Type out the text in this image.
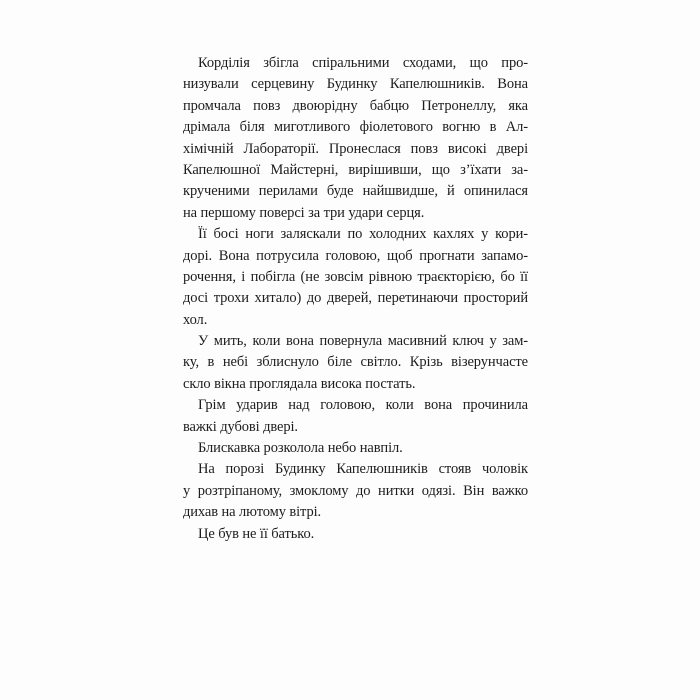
Корділія збігла спіральними сходами, що про-
низували серцевину Будинку Капелюшників. Вона
промчала повз двоюрідну бабцю Петронеллу, яка
дрімала біля миготливого фіолетового вогню в Ал-
хімічній Лабораторії. Пронеслася повз високі двері
Капелюшної Майстерні, вирішивши, що з’їхати за-
крученими перилами буде найшвидше, й опинилася
на першому поверсі за три удари серця.
Її босі ноги заляскали по холодних кахлях у кори-
дорі. Вона потрусила головою, щоб прогнати запамо-
рочення, і побігла (не зовсім рівною траєкторією, бо її
досі трохи хитало) до дверей, перетинаючи просторий
хол.
У мить, коли вона повернула масивний ключ у зам-
ку, в небі зблиснуло біле світло. Крізь візерунчасте
скло вікна проглядала висока постать.
Грім ударив над головою, коли вона прочинила
важкі дубові двері.
Блискавка розколола небо навпіл.
На порозі Будинку Капелюшників стояв чоловік
у розтріпаному, змоклому до нитки одязі. Він важко
дихав на лютому вітрі.
Це був не її батько.
